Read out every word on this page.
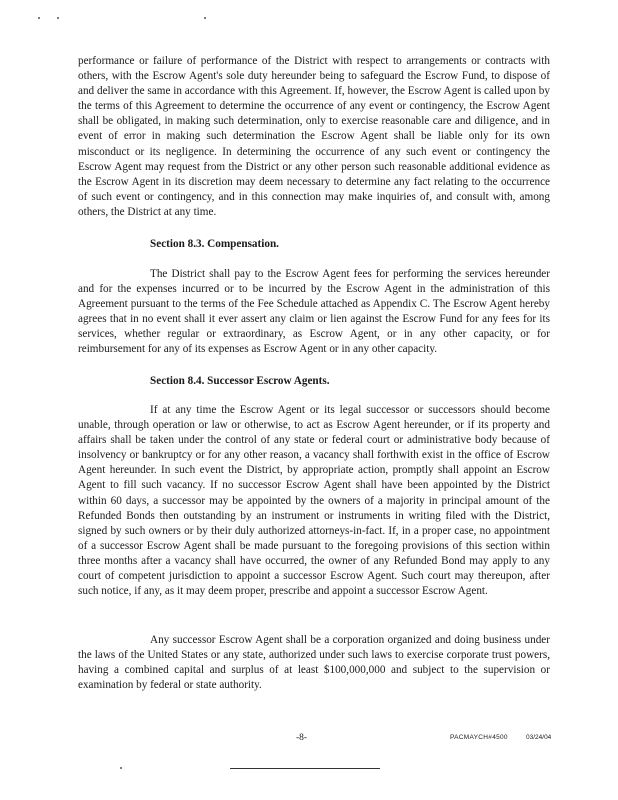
performance or failure of performance of the District with respect to arrangements or contracts with others, with the Escrow Agent's sole duty hereunder being to safeguard the Escrow Fund, to dispose of and deliver the same in accordance with this Agreement. If, however, the Escrow Agent is called upon by the terms of this Agreement to determine the occurrence of any event or contingency, the Escrow Agent shall be obligated, in making such determination, only to exercise reasonable care and diligence, and in event of error in making such determination the Escrow Agent shall be liable only for its own misconduct or its negligence. In determining the occurrence of any such event or contingency the Escrow Agent may request from the District or any other person such reasonable additional evidence as the Escrow Agent in its discretion may deem necessary to determine any fact relating to the occurrence of such event or contingency, and in this connection may make inquiries of, and consult with, among others, the District at any time.

Section 8.3. Compensation.

The District shall pay to the Escrow Agent fees for performing the services hereunder and for the expenses incurred or to be incurred by the Escrow Agent in the administration of this Agreement pursuant to the terms of the Fee Schedule attached as Appendix C. The Escrow Agent hereby agrees that in no event shall it ever assert any claim or lien against the Escrow Fund for any fees for its services, whether regular or extraordinary, as Escrow Agent, or in any other capacity, or for reimbursement for any of its expenses as Escrow Agent or in any other capacity.

Section 8.4. Successor Escrow Agents.

If at any time the Escrow Agent or its legal successor or successors should become unable, through operation or law or otherwise, to act as Escrow Agent hereunder, or if its property and affairs shall be taken under the control of any state or federal court or administrative body because of insolvency or bankruptcy or for any other reason, a vacancy shall forthwith exist in the office of Escrow Agent hereunder. In such event the District, by appropriate action, promptly shall appoint an Escrow Agent to fill such vacancy. If no successor Escrow Agent shall have been appointed by the District within 60 days, a successor may be appointed by the owners of a majority in principal amount of the Refunded Bonds then outstanding by an instrument or instruments in writing filed with the District, signed by such owners or by their duly authorized attorneys-in-fact. If, in a proper case, no appointment of a successor Escrow Agent shall be made pursuant to the foregoing provisions of this section within three months after a vacancy shall have occurred, the owner of any Refunded Bond may apply to any court of competent jurisdiction to appoint a successor Escrow Agent. Such court may thereupon, after such notice, if any, as it may deem proper, prescribe and appoint a successor Escrow Agent.

Any successor Escrow Agent shall be a corporation organized and doing business under the laws of the United States or any state, authorized under such laws to exercise corporate trust powers, having a combined capital and surplus of at least $100,000,000 and subject to the supervision or examination by federal or state authority.

-8-	PACMAYCH#4500	03/24/04
